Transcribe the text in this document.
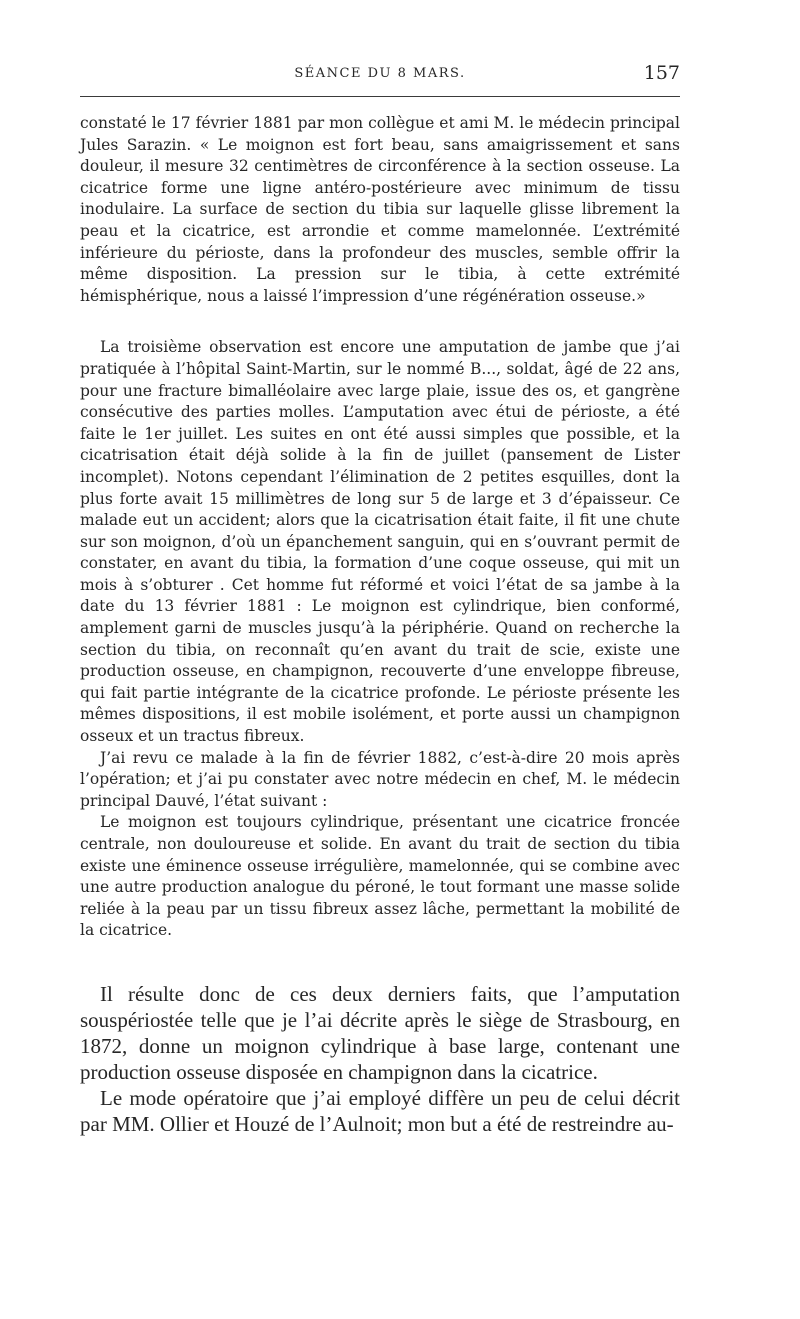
SÉANCE DU 8 MARS.	157

constaté le 17 février 1881 par mon collègue et ami M. le médecin principal Jules Sarazin. « Le moignon est fort beau, sans amaigrissement et sans douleur, il mesure 32 centimètres de circonférence à la section osseuse. La cicatrice forme une ligne antéro-postérieure avec minimum de tissu inodulaire. La surface de section du tibia sur laquelle glisse librement la peau et la cicatrice, est arrondie et comme mamelonnée. L’extrémité inférieure du périoste, dans la profondeur des muscles, semble offrir la même disposition. La pression sur le tibia, à cette extrémité hémisphérique, nous a laissé l’impression d’une régénération osseuse.»

La troisième observation est encore une amputation de jambe que j’ai pratiquée à l’hôpital Saint-Martin, sur le nommé B..., soldat, âgé de 22 ans, pour une fracture bimalléolaire avec large plaie, issue des os, et gangrène consécutive des parties molles. L’amputation avec étui de périoste, a été faite le 1er juillet. Les suites en ont été aussi simples que possible, et la cicatrisation était déjà solide à la fin de juillet (pansement de Lister incomplet). Notons cependant l’élimination de 2 petites esquilles, dont la plus forte avait 15 millimètres de long sur 5 de large et 3 d’épaisseur. Ce malade eut un accident; alors que la cicatrisation était faite, il fit une chute sur son moignon, d’où un épanchement sanguin, qui en s’ouvrant permit de constater, en avant du tibia, la formation d’une coque osseuse, qui mit un mois à s’obturer . Cet homme fut réformé et voici l’état de sa jambe à la date du 13 février 1881 : Le moignon est cylindrique, bien conformé, amplement garni de muscles jusqu’à la périphérie. Quand on recherche la section du tibia, on reconnaît qu’en avant du trait de scie, existe une production osseuse, en champignon, recouverte d’une enveloppe fibreuse, qui fait partie intégrante de la cicatrice profonde. Le périoste présente les mêmes dispositions, il est mobile isolément, et porte aussi un champignon osseux et un tractus fibreux.

J’ai revu ce malade à la fin de février 1882, c’est-à-dire 20 mois après l’opération; et j’ai pu constater avec notre médecin en chef, M. le médecin principal Dauvé, l’état suivant :

Le moignon est toujours cylindrique, présentant une cicatrice froncée centrale, non douloureuse et solide. En avant du trait de section du tibia existe une éminence osseuse irrégulière, mamelonnée, qui se combine avec une autre production analogue du péroné, le tout formant une masse solide reliée à la peau par un tissu fibreux assez lâche, permettant la mobilité de la cicatrice.

Il résulte donc de ces deux derniers faits, que l’amputation souspériostée telle que je l’ai décrite après le siège de Strasbourg, en 1872, donne un moignon cylindrique à base large, contenant une production osseuse disposée en champignon dans la cicatrice.

Le mode opératoire que j’ai employé diffère un peu de celui décrit par MM. Ollier et Houzé de l’Aulnoit; mon but a été de restreindre au-
